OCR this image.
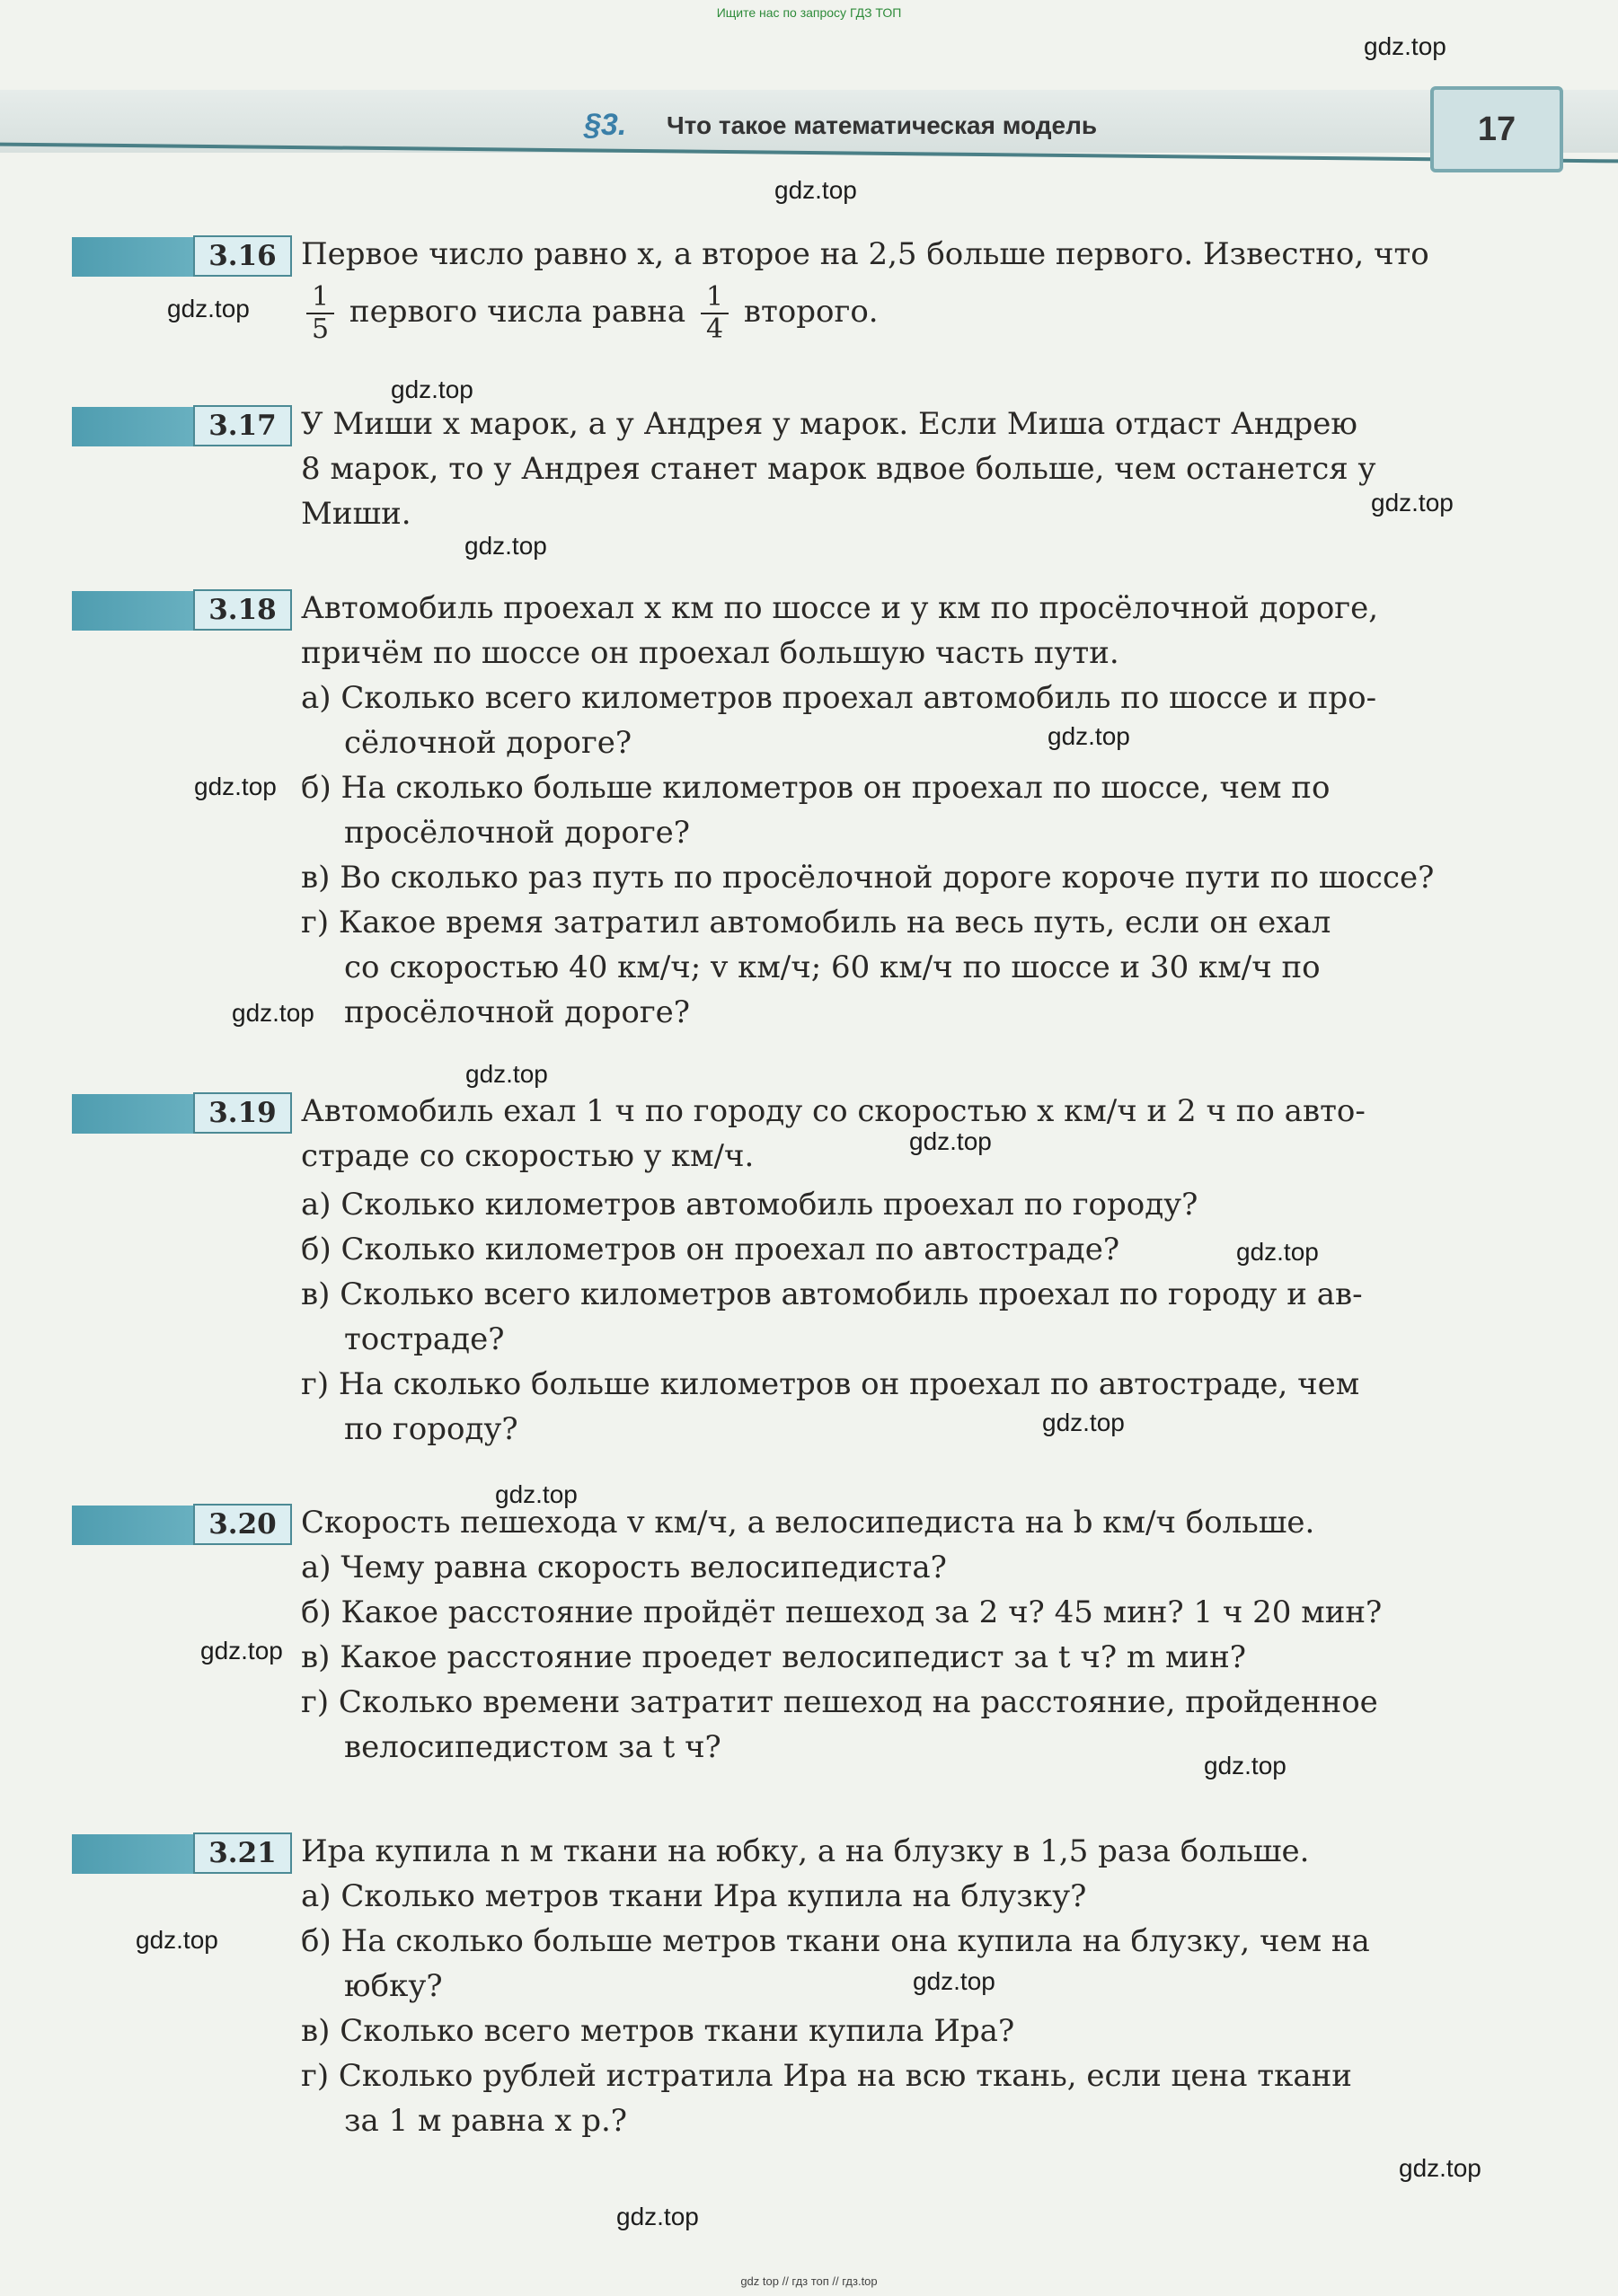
Ищите нас по запросу ГДЗ ТОП
§3. Что такое математическая модель	17
gdz.top
gdz.top
gdz.top
gdz.top
gdz.top
gdz.top
gdz.top
gdz.top
gdz.top
gdz.top
gdz.top
gdz.top
gdz.top
gdz.top
gdz.top
gdz.top
gdz.top
gdz.top
gdz.top
gdz.top
3.16 Первое число равно x, а второе на 2,5 больше первого. Известно, что
$\frac{1}{5}$ первого числа равна $\frac{1}{4}$ второго.
3.17 У Миши x марок, а у Андрея y марок. Если Миша отдаст Андрею
8 марок, то у Андрея станет марок вдвое больше, чем останется у
Миши.
3.18 Автомобиль проехал x км по шоссе и y км по просёлочной дороге,
причём по шоссе он проехал большую часть пути.
а) Сколько всего километров проехал автомобиль по шоссе и про-
сёлочной дороге?
б) На сколько больше километров он проехал по шоссе, чем по
просёлочной дороге?
в) Во сколько раз путь по просёлочной дороге короче пути по шоссе?
г) Какое время затратил автомобиль на весь путь, если он ехал
со скоростью 40 км/ч; v км/ч; 60 км/ч по шоссе и 30 км/ч по
просёлочной дороге?
3.19 Автомобиль ехал 1 ч по городу со скоростью x км/ч и 2 ч по авто-
страде со скоростью y км/ч.
а) Сколько километров автомобиль проехал по городу?
б) Сколько километров он проехал по автостраде?
в) Сколько всего километров автомобиль проехал по городу и ав-
тостраде?
г) На сколько больше километров он проехал по автостраде, чем
по городу?
3.20 Скорость пешехода v км/ч, а велосипедиста на b км/ч больше.
а) Чему равна скорость велосипедиста?
б) Какое расстояние пройдёт пешеход за 2 ч? 45 мин? 1 ч 20 мин?
в) Какое расстояние проедет велосипедист за t ч? m мин?
г) Сколько времени затратит пешеход на расстояние, пройденное
велосипедистом за t ч?
3.21 Ира купила n м ткани на юбку, а на блузку в 1,5 раза больше.
а) Сколько метров ткани Ира купила на блузку?
б) На сколько больше метров ткани она купила на блузку, чем на
юбку?
в) Сколько всего метров ткани купила Ира?
г) Сколько рублей истратила Ира на всю ткань, если цена ткани
за 1 м равна x р.?
gdz top // гдз топ // гдз.top
